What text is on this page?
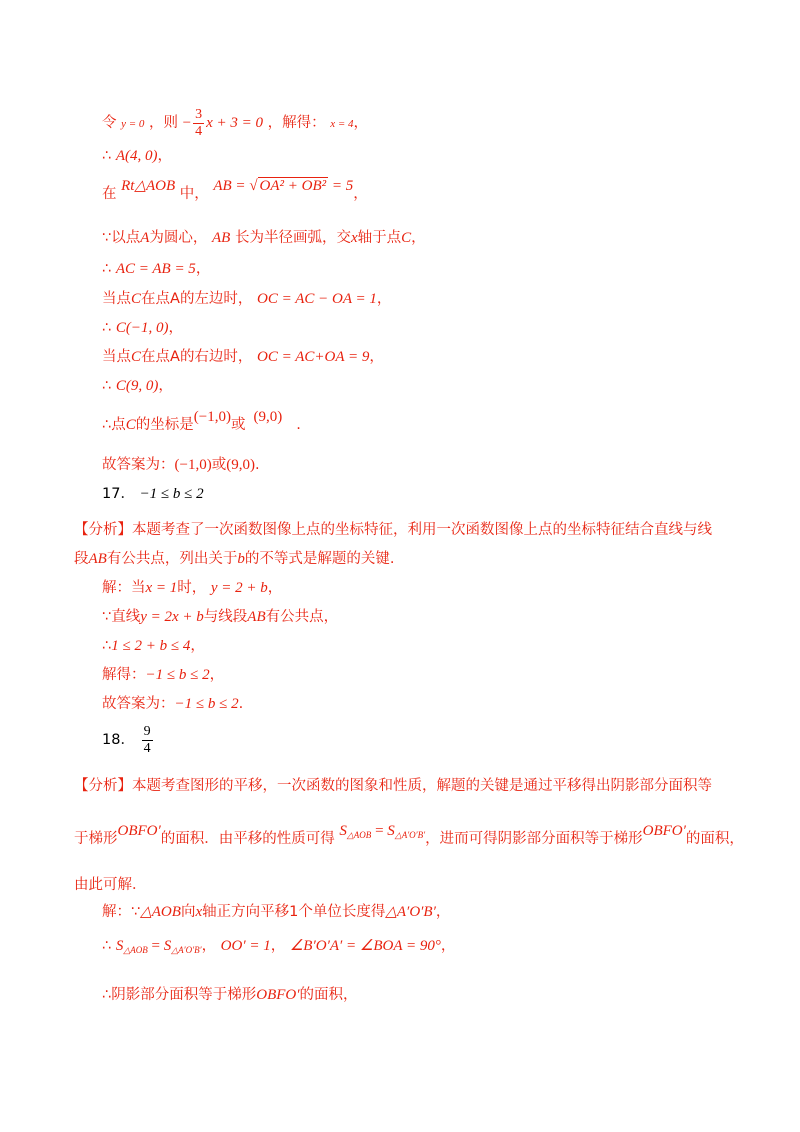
令 y = 0 ，则 − $\frac{3}{4}$ x + 3 = 0 ，解得： x = 4，
∴ A(4, 0)，
在 Rt△AOB 中， AB = √ OA² + OB² = 5，
∵以点A为圆心， AB 长为半径画弧，交x轴于点C，
∴ AC = AB = 5，
当点C在点A的左边时， OC = AC − OA = 1，
∴ C(−1, 0)，
当点C在点A的右边时， OC = AC+OA = 9，
∴ C(9, 0)，
∴点C的坐标是(−1,0)或 (9,0) .
故答案为：(−1,0)或(9,0).
17． −1 ≤ b ≤ 2
【分析】本题考查了一次函数图像上点的坐标特征，利用一次函数图像上点的坐标特征结合直线与线
段AB有公共点，列出关于b的不等式是解题的关键.
解：当x = 1时， y = 2 + b，
∵直线y = 2x + b与线段AB有公共点，
∴1 ≤ 2 + b ≤ 4，
解得：−1 ≤ b ≤ 2，
故答案为：−1 ≤ b ≤ 2.
18． $\frac{9}{4}$
【分析】本题考查图形的平移，一次函数的图象和性质，解题的关键是通过平移得出阴影部分面积等
于梯形OBFO′的面积．由平移的性质可得 $S_{\triangle AOB} = S_{\triangle A'O'B'}$，进而可得阴影部分面积等于梯形OBFO′的面积，
由此可解．
解：∵△AOB向x轴正方向平移1个单位长度得△A′O′B′，
∴ $S_{\triangle AOB} = S_{\triangle A'O'B'}$， OO′ = 1， ∠B′O′A′ = ∠BOA = 90°，
∴阴影部分面积等于梯形OBFO′的面积，
